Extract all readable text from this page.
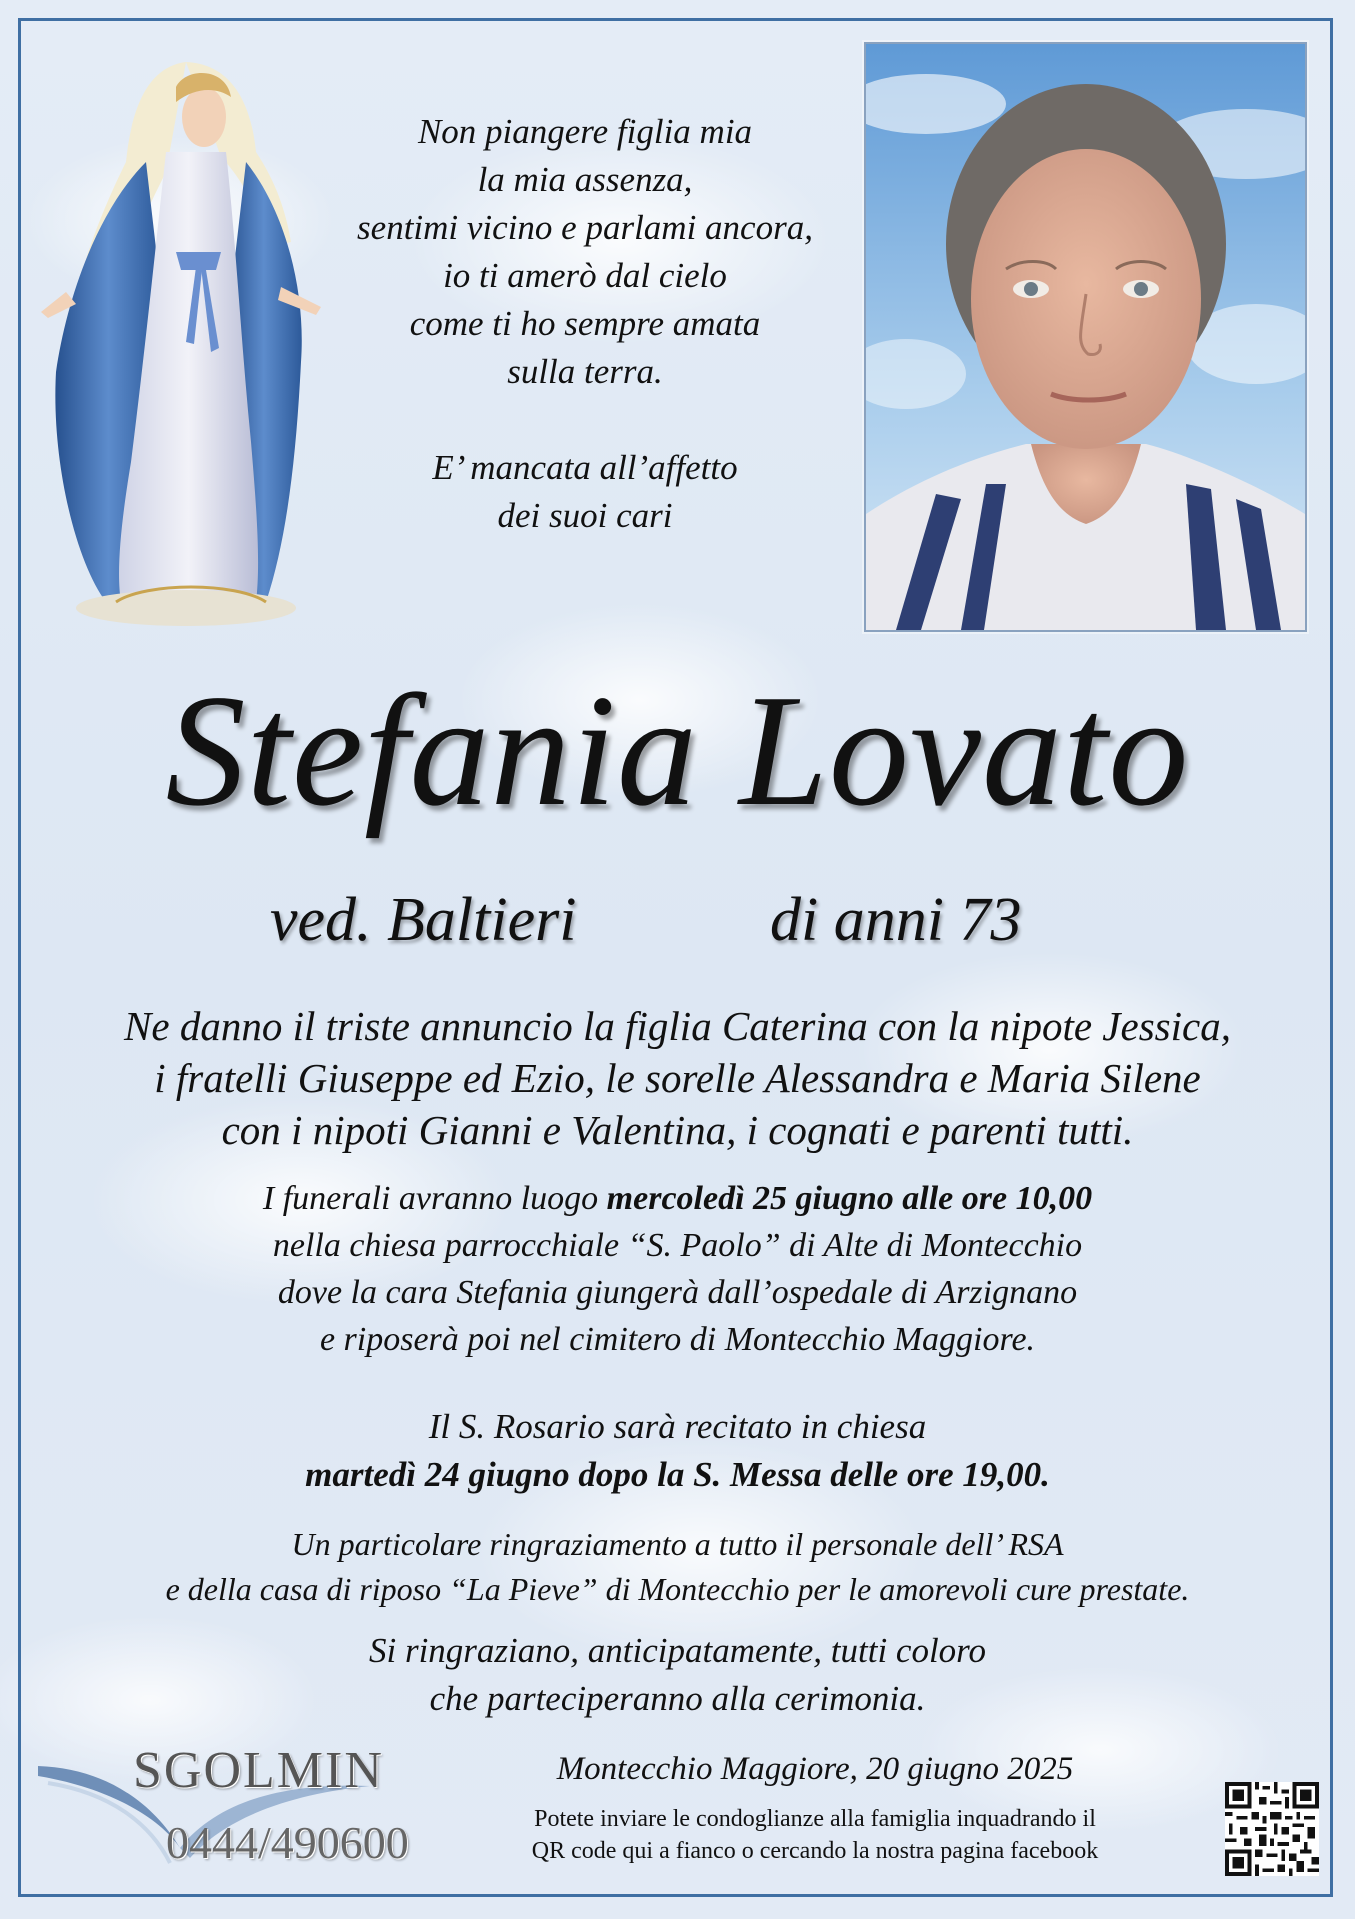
Non piangere figlia mia
la mia assenza,
sentimi vicino e parlami ancora,
io ti amerò dal cielo
come ti ho sempre amata
sulla terra.
E’ mancata all’affetto
dei suoi cari
Stefania Lovato
ved. Baltieri	di anni 73
Ne danno il triste annuncio la figlia Caterina con la nipote Jessica,
i fratelli Giuseppe ed Ezio, le sorelle Alessandra e Maria Silene
con i nipoti Gianni e Valentina, i cognati e parenti tutti.
I funerali avranno luogo mercoledì 25 giugno alle ore 10,00
nella chiesa parrocchiale “S. Paolo” di Alte di Montecchio
dove la cara Stefania giungerà dall’ospedale di Arzignano
e riposerà poi nel cimitero di Montecchio Maggiore.
Il S. Rosario sarà recitato in chiesa
martedì 24 giugno dopo la S. Messa delle ore 19,00.
Un particolare ringraziamento a tutto il personale dell’ RSA
e della casa di riposo “La Pieve” di Montecchio per le amorevoli cure prestate.
Si ringraziano, anticipatamente, tutti coloro
che parteciperanno alla cerimonia.
SGOLMIN
0444/490600
Montecchio Maggiore, 20 giugno 2025
Potete inviare le condoglianze alla famiglia inquadrando il
QR code qui a fianco o cercando la nostra pagina facebook
